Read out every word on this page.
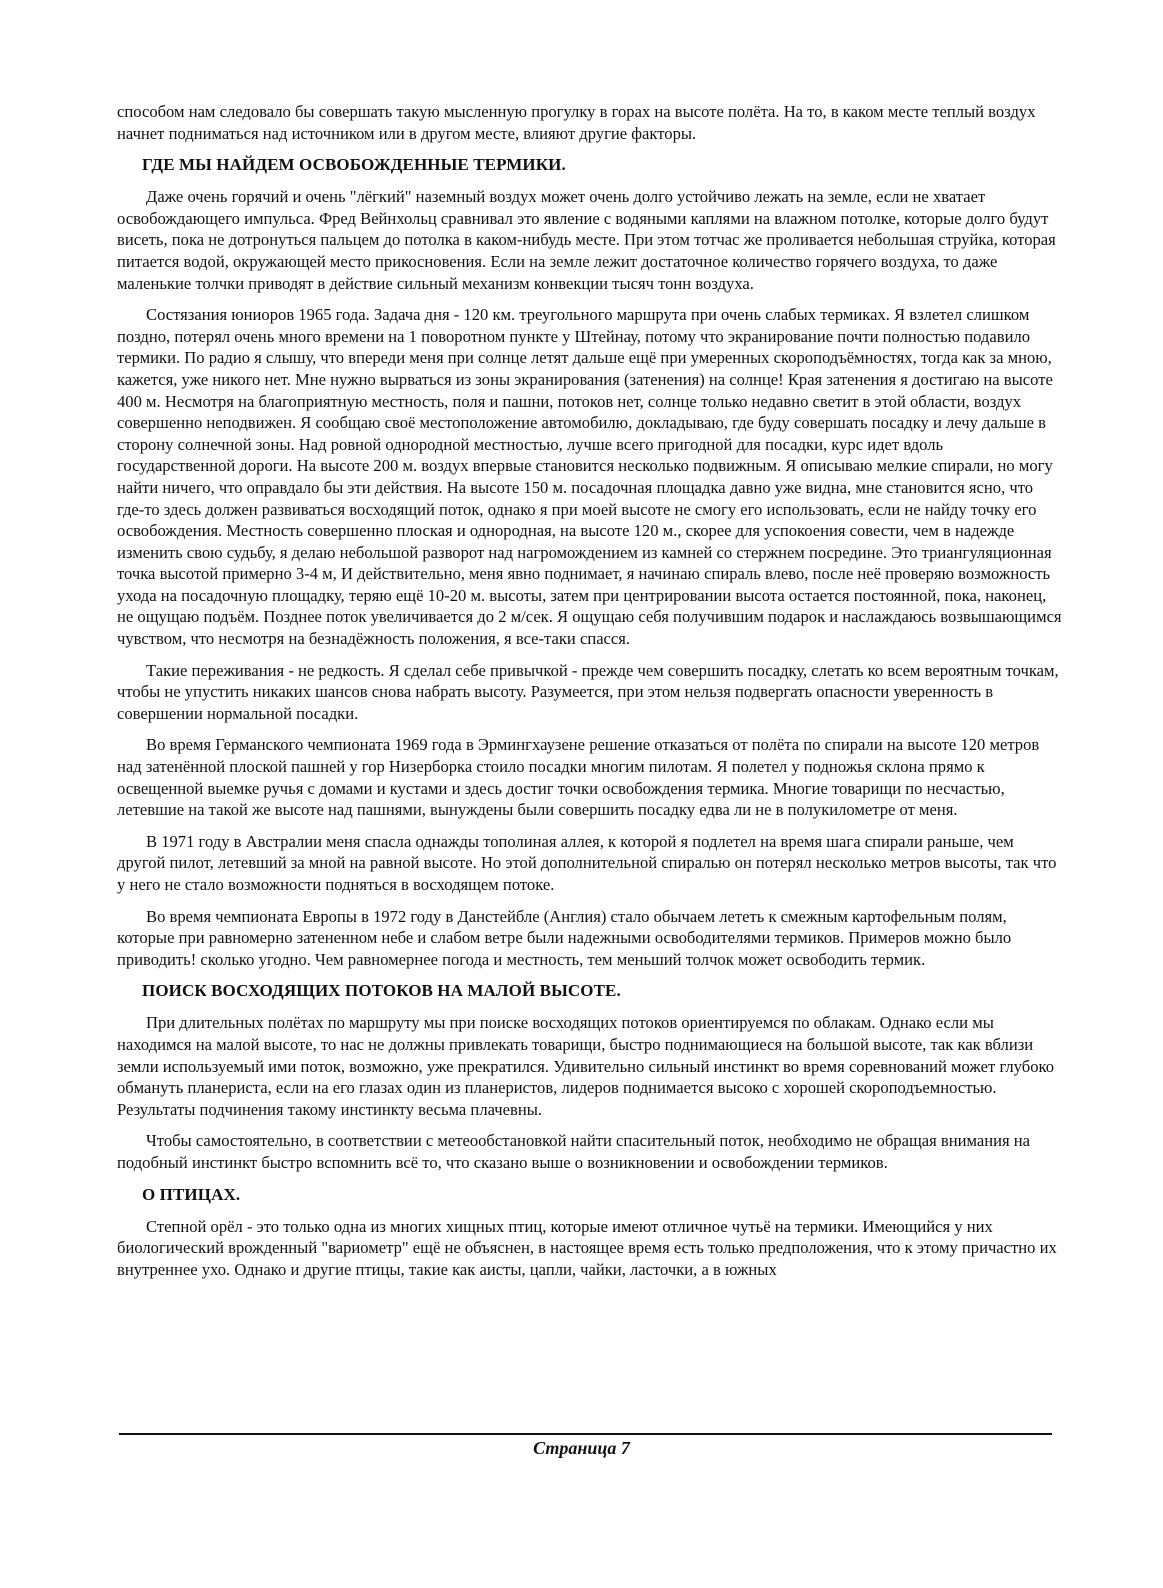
способом нам следовало бы совершать такую мысленную прогулку в горах на высоте полёта. На то, в каком месте теплый воздух начнет подниматься над источником или в другом месте, влияют другие факторы.

ГДЕ МЫ НАЙДЕМ ОСВОБОЖДЕННЫЕ ТЕРМИКИ.

Даже очень горячий и очень "лёгкий" наземный воздух может очень долго устойчиво лежать на земле, если не хватает освобождающего импульса. Фред Вейнхольц сравнивал это явление с водяными каплями на влажном потолке, которые долго будут висеть, пока не дотронуться пальцем до потолка в каком-нибудь месте. При этом тотчас же проливается небольшая струйка, которая питается водой, окружающей место прикосновения. Если на земле лежит достаточное количество горячего воздуха, то даже маленькие толчки приводят в действие сильный механизм конвекции тысяч тонн воздуха.

Состязания юниоров 1965 года. Задача дня - 120 км. треугольного маршрута при очень слабых термиках. Я взлетел слишком поздно, потерял очень много времени на 1 поворотном пункте у Штейнау, потому что экранирование почти полностью подавило термики. По радио я слышу, что впереди меня при солнце летят дальше ещё при умеренных скороподъёмностях, тогда как за мною, кажется, уже никого нет. Мне нужно вырваться из зоны экранирования (затенения) на солнце! Края затенения я достигаю на высоте 400 м. Несмотря на благоприятную местность, поля и пашни, потоков нет, солнце только недавно светит в этой области, воздух совершенно неподвижен. Я сообщаю своё местоположение автомобилю, докладываю, где буду совершать посадку и лечу дальше в сторону солнечной зоны. Над ровной однородной местностью, лучше всего пригодной для посадки, курс идет вдоль государственной дороги. На высоте 200 м. воздух впервые становится несколько подвижным. Я описываю мелкие спирали, но могу найти ничего, что оправдало бы эти действия. На высоте 150 м. посадочная площадка давно уже видна, мне становится ясно, что где-то здесь должен развиваться восходящий поток, однако я при моей высоте не смогу его использовать, если не найду точку его освобождения. Местность совершенно плоская и однородная, на высоте 120 м., скорее для успокоения совести, чем в надежде изменить свою судьбу, я делаю небольшой разворот над нагромождением из камней со стержнем посредине. Это триангуляционная точка высотой примерно 3-4 м, И действительно, меня явно поднимает, я начинаю спираль влево, после неё проверяю возможность ухода на посадочную площадку, теряю ещё 10-20 м. высоты, затем при центрировании высота остается постоянной, пока, наконец, не ощущаю подъём. Позднее поток увеличивается до 2 м/сек. Я ощущаю себя получившим подарок и наслаждаюсь возвышающимся чувством, что несмотря на безнадёжность положения, я все-таки спасся.

Такие переживания - не редкость. Я сделал себе привычкой - прежде чем совершить посадку, слетать ко всем вероятным точкам, чтобы не упустить никаких шансов снова набрать высоту. Разумеется, при этом нельзя подвергать опасности уверенность в совершении нормальной посадки.

Во время Германского чемпионата 1969 года в Эрмингхаузене решение отказаться от полёта по спирали на высоте 120 метров над затенённой плоской пашней у гор Низерборка стоило посадки многим пилотам. Я полетел у подножья склона прямо к освещенной выемке ручья с домами и кустами и здесь достиг точки освобождения термика. Многие товарищи по несчастью, летевшие на такой же высоте над пашнями, вынуждены были совершить посадку едва ли не в полукилометре от меня.

В 1971 году в Австралии меня спасла однажды тополиная аллея, к которой я подлетел на время шага спирали раньше, чем другой пилот, летевший за мной на равной высоте. Но этой дополнительной спиралью он потерял несколько метров высоты, так что у него не стало возможности подняться в восходящем потоке.

Во время чемпионата Европы в 1972 году в Данстейбле (Англия) стало обычаем лететь к смежным картофельным полям, которые при равномерно затененном небе и слабом ветре были надежными освободителями термиков. Примеров можно было приводить! сколько угодно. Чем равномернее погода и местность, тем меньший толчок может освободить термик.

ПОИСК ВОСХОДЯЩИХ ПОТОКОВ НА МАЛОЙ ВЫСОТЕ.

При длительных полётах по маршруту мы при поиске восходящих потоков ориентируемся по облакам. Однако если мы находимся на малой высоте, то нас не должны привлекать товарищи, быстро поднимающиеся на большой высоте, так как вблизи земли используемый ими поток, возможно, уже прекратился. Удивительно сильный инстинкт во время соревнований может глубоко обмануть планериста, если на его глазах один из планеристов, лидеров поднимается высоко с хорошей скороподъемностью. Результаты подчинения такому инстинкту весьма плачевны.

Чтобы самостоятельно, в соответствии с метеообстановкой найти спасительный поток, необходимо не обращая внимания на подобный инстинкт быстро вспомнить всё то, что сказано выше о возникновении и освобождении термиков.

О ПТИЦАХ.

Степной орёл - это только одна из многих хищных птиц, которые имеют отличное чутьё на термики. Имеющийся у них биологический врожденный "вариометр" ещё не объяснен, в настоящее время есть только предположения, что к этому причастно их внутреннее ухо. Однако и другие птицы, такие как аисты, цапли, чайки, ласточки, а в южных

Страница 7
